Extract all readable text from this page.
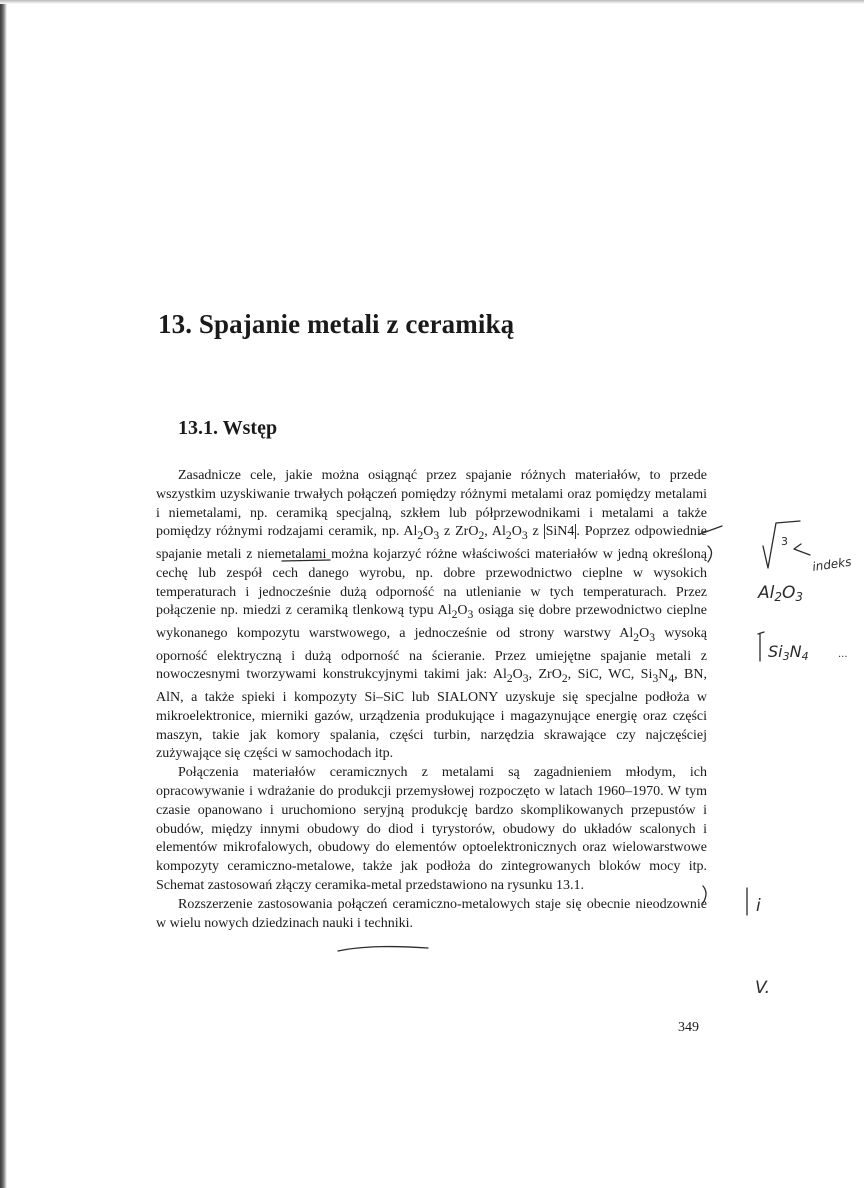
13. Spajanie metali z ceramiką
13.1. Wstęp

Zasadnicze cele, jakie można osiągnąć przez spajanie różnych materiałów, to przede wszystkim uzyskiwanie trwałych połączeń pomiędzy różnymi metalami oraz pomiędzy metalami i niemetalami, np. ceramiką specjalną, szkłem lub półprzewodnikami i metalami a także pomiędzy różnymi rodzajami ceramik, np. $Al_2O_3$ z ZrO$_2$, $Al_2O_3$ z SiN4 . Poprzez odpowiednie spajanie metali z niemetalami można kojarzyć różne właściwości materiałów w jedną określoną cechę lub zespół cech danego wyrobu, np. dobre przewodnictwo cieplne w wysokich temperaturach i jednocześnie dużą odporność na utlenianie w tych temperaturach. Przez połączenie np. miedzi z ceramiką tlenkową typu $Al_2O_3$ osiąga się dobre przewodnictwo cieplne wykonanego kompozytu warstwowego, a jednocześnie od strony warstwy $Al_2O_3$ wysoką oporność elektryczną i dużą odporność na ścieranie. Przez umiejętne spajanie metali z nowoczesnymi tworzywami konstrukcyjnymi takimi jak: $Al_2O_3$, ZrO$_2$, SiC, WC, $Si_3N_4$, BN, AlN, a także spieki i kompozyty Si–SiC lub SIALONY uzyskuje się specjalne podłoża w mikroelektronice, mierniki gazów, urządzenia produkujące i magazynujące energię oraz części maszyn, takie jak komory spalania, części turbin, narzędzia skrawające czy najczęściej zużywające się części w samochodach itp.

Połączenia materiałów ceramicznych z metalami są zagadnieniem młodym, ich opracowywanie i wdrażanie do produkcji przemysłowej rozpoczęto w latach 1960–1970. W tym czasie opanowano i uruchomiono seryjną produkcję bardzo skomplikowanych przepustów i obudów, między innymi obudowy do diod i tyrystorów, obudowy do układów scalonych i elementów mikrofalowych, obudowy do elementów optoelektronicznych oraz wielowarstwowe kompozyty ceramiczno-metalowe, także jak podłoża do zintegrowanych bloków mocy itp. Schemat zastosowań złączy ceramika-metal przedstawiono na rysunku 13.1.

Rozszerzenie zastosowania połączeń ceramiczno-metalowych staje się obecnie nieodzownie w wielu nowych dziedzinach nauki i techniki.

349
3
indeks
Al2O3
Si3N4	...
i
V.
